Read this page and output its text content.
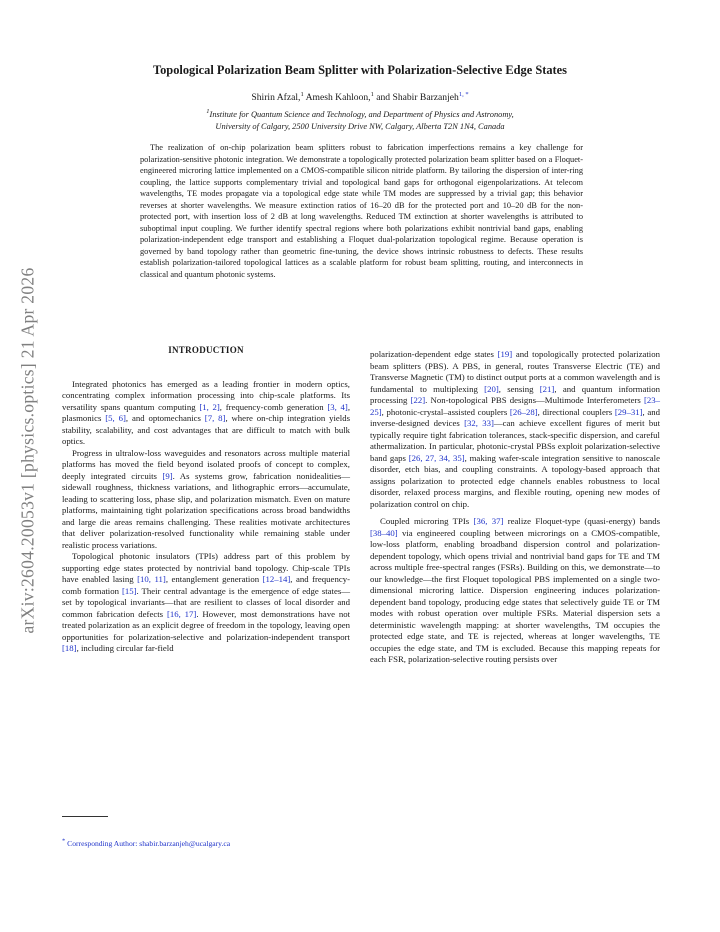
arXiv:2604.20053v1 [physics.optics] 21 Apr 2026
Topological Polarization Beam Splitter with Polarization-Selective Edge States
Shirin Afzal,$^1$ Amesh Kahloon,$^1$ and Shabir Barzanjeh$^{1, *}$
$^1$Institute for Quantum Science and Technology, and Department of Physics and Astronomy,
University of Calgary, 2500 University Drive NW, Calgary, Alberta T2N 1N4, Canada
The realization of on-chip polarization beam splitters robust to fabrication imperfections remains a key challenge for polarization-sensitive photonic integration. We demonstrate a topologically protected polarization beam splitter based on a Floquet-engineered microring lattice implemented on a CMOS-compatible silicon nitride platform. By tailoring the dispersion of inter-ring coupling, the lattice supports complementary trivial and topological band gaps for orthogonal eigenpolarizations. At telecom wavelengths, TE modes propagate via a topological edge state while TM modes are suppressed by a trivial gap; this behavior reverses at shorter wavelengths. We measure extinction ratios of 16–20 dB for the protected port and 10–20 dB for the non-protected port, with insertion loss of 2 dB at long wavelengths. Reduced TM extinction at shorter wavelengths is attributed to suboptimal input coupling. We further identify spectral regions where both polarizations exhibit nontrivial band gaps, enabling polarization-independent edge transport and establishing a Floquet dual-polarization topological regime. Because operation is governed by band topology rather than geometric fine-tuning, the device shows intrinsic robustness to defects. These results establish polarization-tailored topological lattices as a scalable platform for robust beam splitting, routing, and interconnects in classical and quantum photonic systems.
INTRODUCTION

Integrated photonics has emerged as a leading frontier in modern optics, concentrating complex information processing into chip-scale platforms. Its versatility spans quantum computing [1, 2], frequency-comb generation [3, 4], plasmonics [5, 6], and optomechanics [7, 8], where on-chip integration yields stability, scalability, and cost advantages that are difficult to match with bulk optics.

Progress in ultralow-loss waveguides and resonators across multiple material platforms has moved the field beyond isolated proofs of concept to complex, deeply integrated circuits [9]. As systems grow, fabrication nonidealities—sidewall roughness, thickness variations, and lithographic errors—accumulate, leading to scattering loss, phase slip, and polarization mismatch. Even on mature platforms, maintaining tight polarization specifications across broad bandwidths and large die areas remains challenging. These realities motivate architectures that deliver polarization-resolved functionality while remaining stable under realistic process variations.

Topological photonic insulators (TPIs) address part of this problem by supporting edge states protected by nontrivial band topology. Chip-scale TPIs have enabled lasing [10, 11], entanglement generation [12–14], and frequency-comb formation [15]. Their central advantage is the emergence of edge states—set by topological invariants—that are resilient to classes of local disorder and common fabrication defects [16, 17]. However, most demonstrations have not treated polarization as an explicit degree of freedom in the topology, leaving open opportunities for polarization-selective and polarization-independent transport [18], including circular far-field

polarization-dependent edge states [19] and topologically protected polarization beam splitters (PBS). A PBS, in general, routes Transverse Electric (TE) and Transverse Magnetic (TM) to distinct output ports at a common wavelength and is fundamental to multiplexing [20], sensing [21], and quantum information processing [22]. Non-topological PBS designs—Multimode Interferometers [23–25], photonic-crystal–assisted couplers [26–28], directional couplers [29–31], and inverse-designed devices [32, 33]—can achieve excellent figures of merit but typically require tight fabrication tolerances, stack-specific dispersion, and careful athermalization. In particular, photonic-crystal PBSs exploit polarization-selective band gaps [26, 27, 34, 35], making wafer-scale integration sensitive to nanoscale disorder, etch bias, and coupling constraints. A topology-based approach that assigns polarization to protected edge channels enables robustness to local disorder, relaxed process margins, and flexible routing, opening new modes of polarization control on chip.

Coupled microring TPIs [36, 37] realize Floquet-type (quasi-energy) bands [38–40] via engineered coupling between microrings on a CMOS-compatible, low-loss platform, enabling broadband dispersion control and polarization-dependent topology, which opens trivial and nontrivial band gaps for TE and TM across multiple free-spectral ranges (FSRs). Building on this, we demonstrate—to our knowledge—the first Floquet topological PBS implemented on a single two-dimensional microring lattice. Dispersion engineering induces polarization-dependent band topology, producing edge states that selectively guide TE or TM modes with robust operation over multiple FSRs. Material dispersion sets a deterministic wavelength mapping: at shorter wavelengths, TM occupies the protected edge state, and TE is rejected, whereas at longer wavelengths, TE occupies the edge state, and TM is excluded. Because this mapping repeats for each FSR, polarization-selective routing persists over

* Corresponding Author: shabir.barzanjeh@ucalgary.ca
